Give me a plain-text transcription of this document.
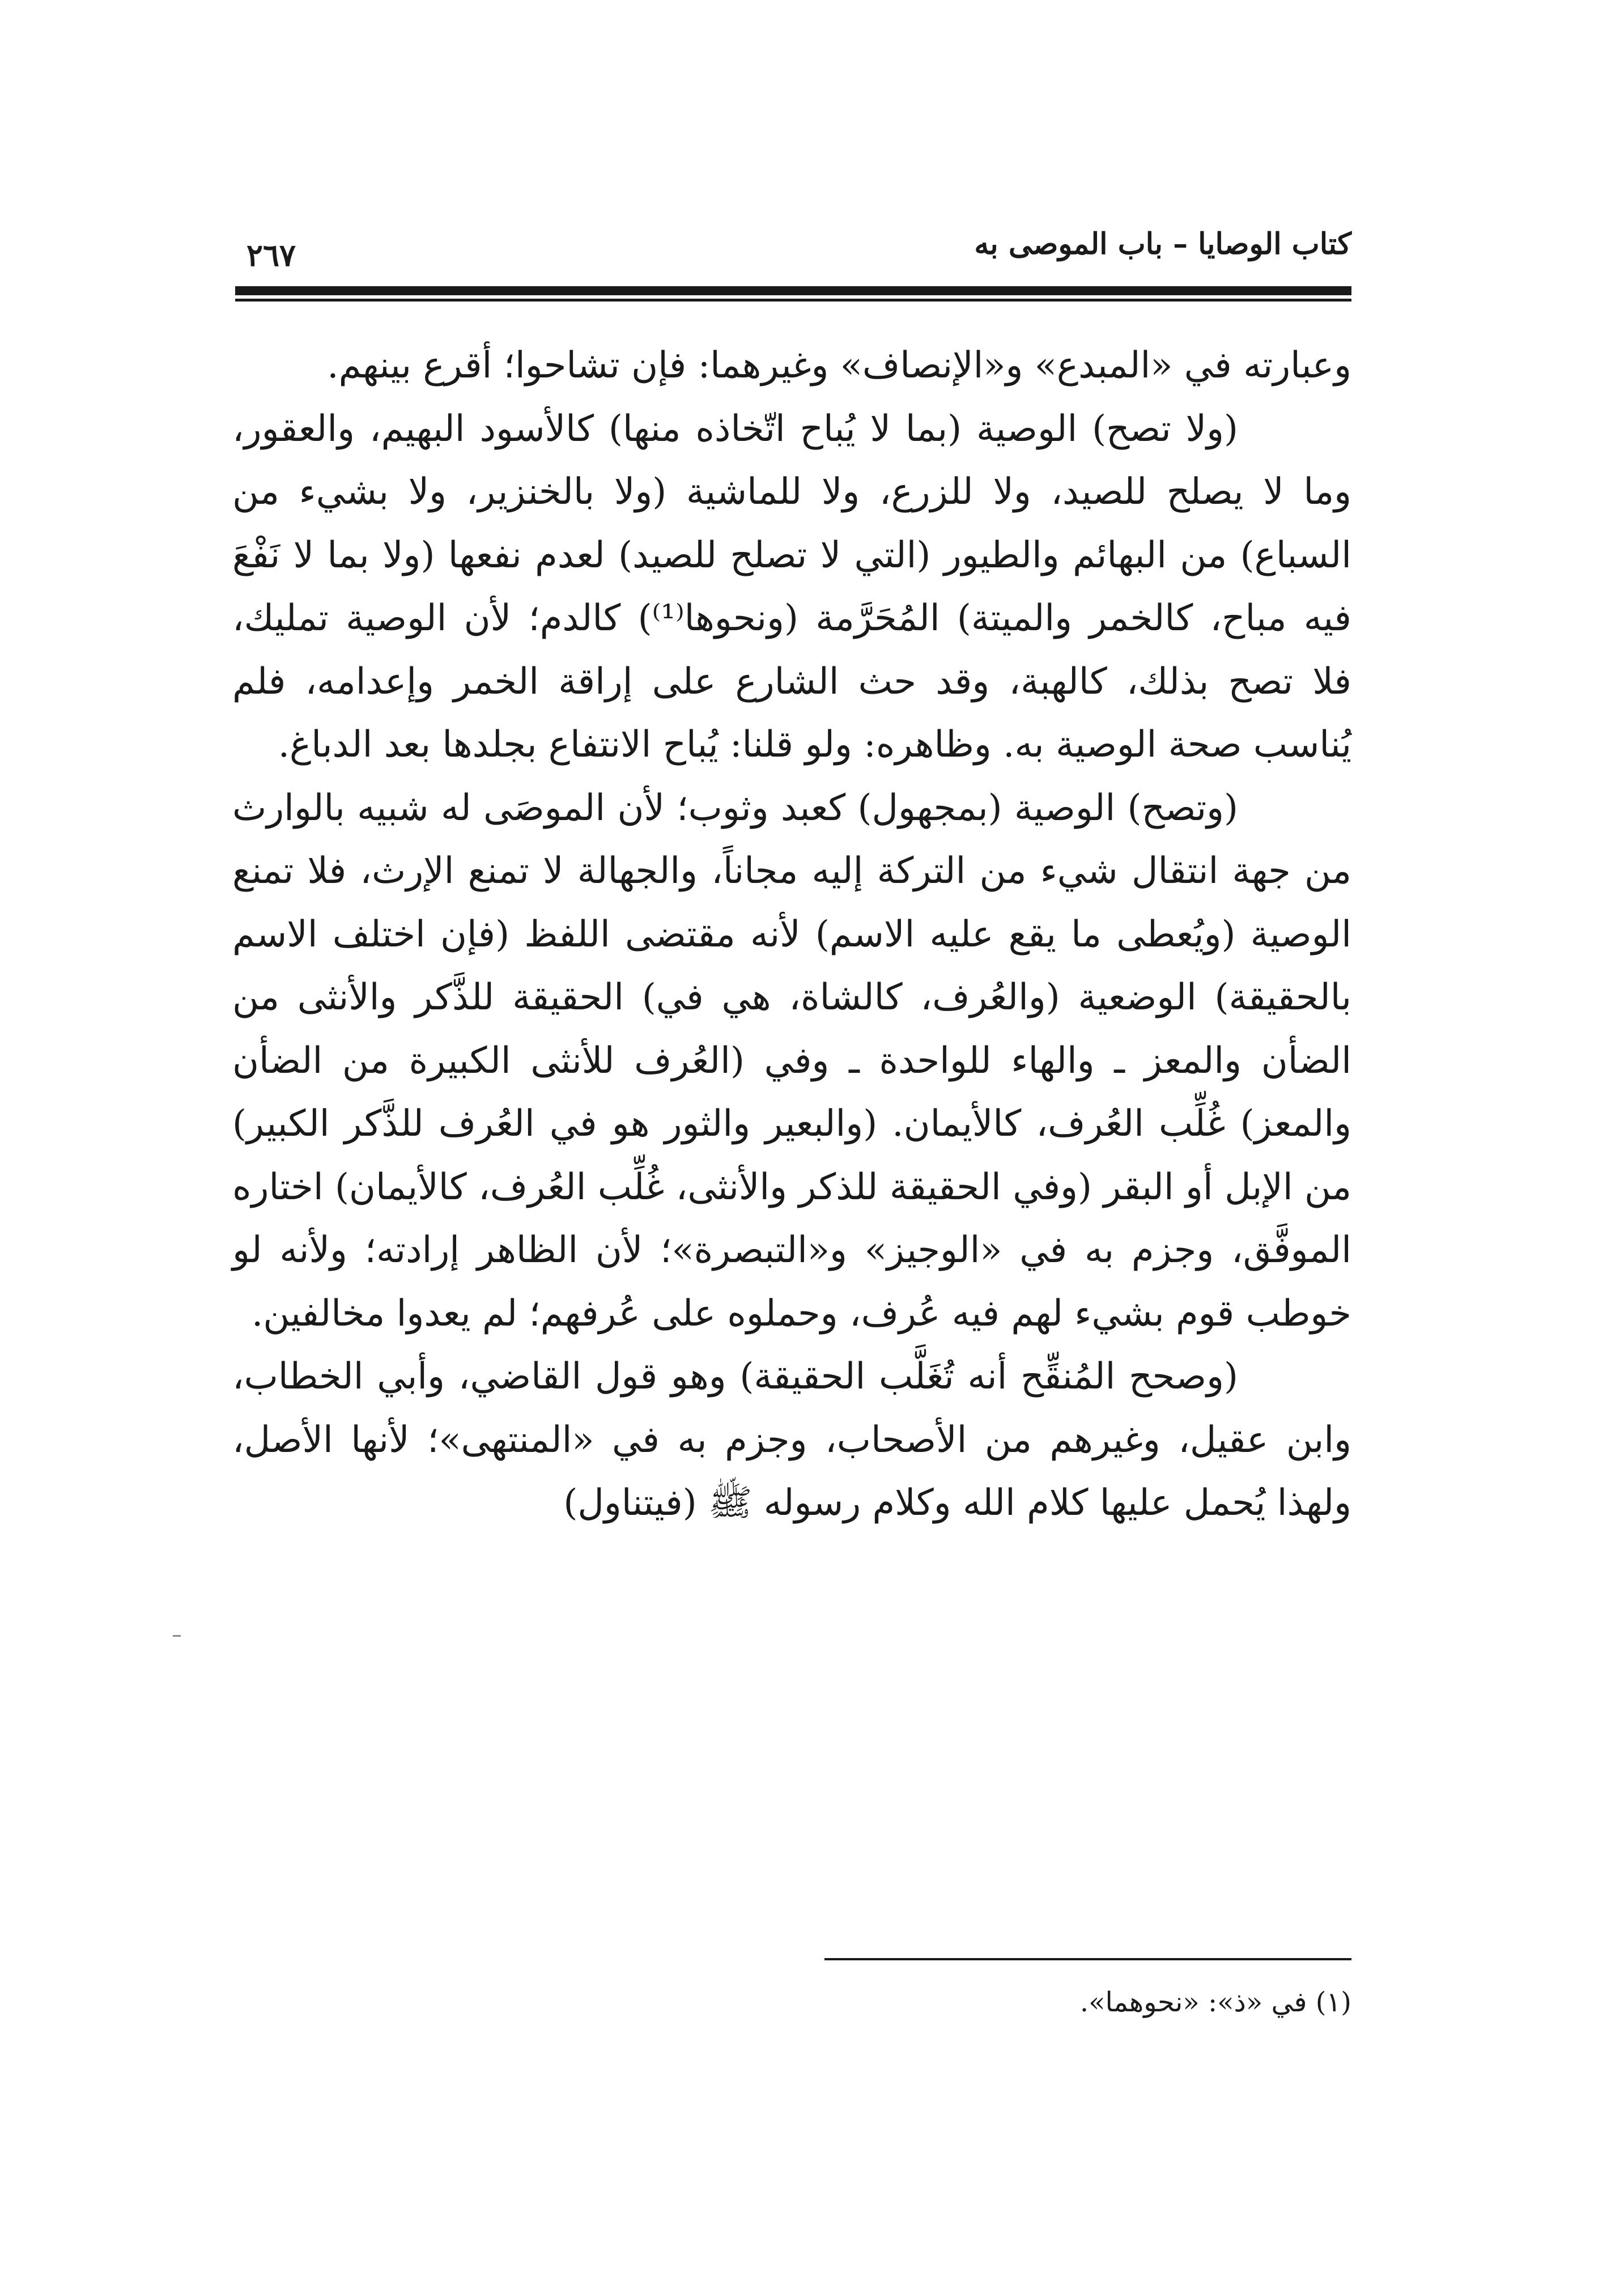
كتاب الوصايا – باب الموصى به
٢٦٧

وعبارته في «المبدع» و«الإنصاف» وغيرهما: فإن تشاحوا؛ أقرع بينهم.

(ولا تصح) الوصية (بما لا يُباح اتّخاذه منها) كالأسود البهيم، والعقور، وما لا يصلح للصيد، ولا للزرع، ولا للماشية (ولا بالخنزير، ولا بشيء من السباع) من البهائم والطيور (التي لا تصلح للصيد) لعدم نفعها (ولا بما لا نَفْعَ فيه مباح، كالخمر والميتة) المُحَرَّمة (ونحوها⁽¹⁾) كالدم؛ لأن الوصية تمليك، فلا تصح بذلك، كالهبة، وقد حث الشارع على إراقة الخمر وإعدامه، فلم يُناسب صحة الوصية به. وظاهره: ولو قلنا: يُباح الانتفاع بجلدها بعد الدباغ.

(وتصح) الوصية (بمجهول) كعبد وثوب؛ لأن الموصَى له شبيه بالوارث من جهة انتقال شيء من التركة إليه مجاناً، والجهالة لا تمنع الإرث، فلا تمنع الوصية (ويُعطى ما يقع عليه الاسم) لأنه مقتضى اللفظ (فإن اختلف الاسم بالحقيقة) الوضعية (والعُرف، كالشاة، هي في) الحقيقة للذَّكر والأنثى من الضأن والمعز ـ والهاء للواحدة ـ وفي (العُرف للأنثى الكبيرة من الضأن والمعز) غُلِّب العُرف، كالأيمان. (والبعير والثور هو في العُرف للذَّكر الكبير) من الإبل أو البقر (وفي الحقيقة للذكر والأنثى، غُلِّب العُرف، كالأيمان) اختاره الموفَّق، وجزم به في «الوجيز» و«التبصرة»؛ لأن الظاهر إرادته؛ ولأنه لو خوطب قوم بشيء لهم فيه عُرف، وحملوه على عُرفهم؛ لم يعدوا مخالفين.

(وصحح المُنقِّح أنه تُغَلَّب الحقيقة) وهو قول القاضي، وأبي الخطاب، وابن عقيل، وغيرهم من الأصحاب، وجزم به في «المنتهى»؛ لأنها الأصل، ولهذا يُحمل عليها كلام الله وكلام رسوله ﷺ (فيتناول)

(١) في «ذ»: «نحوهما».
